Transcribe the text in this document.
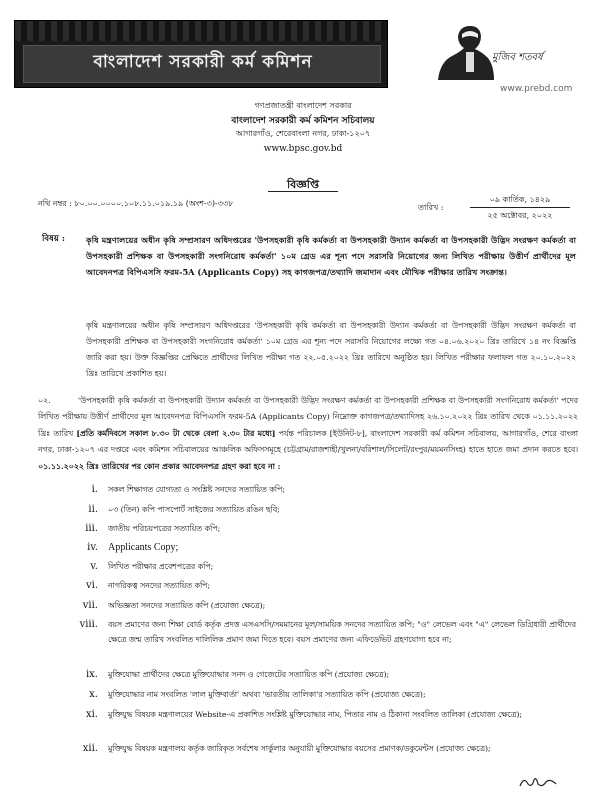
বাংলাদেশ সরকারী কর্ম কমিশন	মুজিব শতবর্ষ
www.prebd.com
গণপ্রজাতন্ত্রী বাংলাদেশ সরকার
বাংলাদেশ সরকারী কর্ম কমিশন সচিবালয়
আগারগাঁও, শেরেবাংলা নগর, ঢাকা-১২০৭
www.bpsc.gov.bd
বিজ্ঞপ্তি
নথি নম্বর : ৮০.০০.০০০০.১০৮.১১.০১৯.১৯ (অংশ-৩)-৩৩৮	তারিখ :
০৯ কার্তিক, ১৪২৯
২৫ অক্টোবর, ২০২২
বিষয় :	কৃষি মন্ত্রণালয়ের অধীন কৃষি সম্প্রসারণ অধিদপ্তরের 'উপসহকারী কৃষি কর্মকর্তা বা উপসহকারী উদ্যান কর্মকর্তা বা উপসহকারী উদ্ভিদ সংরক্ষণ কর্মকর্তা বা উপসহকারী প্রশিক্ষক বা উপসহকারী সংগনিরোধ কর্মকর্তা' ১০ম গ্রেড এর শূন্য পদে সরাসরি নিয়োগের জন্য লিখিত পরীক্ষায় উত্তীর্ণ প্রার্থীদের মূল আবেদনপত্র বিপিএসসি ফরম-5A (Applicants Copy) সহ কাগজপত্র/তথ্যাদি জমাদান এবং মৌখিক পরীক্ষার তারিখ সংক্রান্ত।
কৃষি মন্ত্রণালয়ের অধীন কৃষি সম্প্রসারণ অধিদপ্তরের 'উপসহকারী কৃষি কর্মকর্তা বা উপসহকারী উদ্যান কর্মকর্তা বা উপসহকারী উদ্ভিদ সংরক্ষণ কর্মকর্তা বা উপসহকারী প্রশিক্ষক বা উপসহকারী সংগনিরোধ কর্মকর্তা' ১০ম গ্রেড এর শূন্য পদে সরাসরি নিয়োগের লক্ষ্যে গত ০৪.০৬.২০২০ খ্রিঃ তারিখে ১৪ নং বিজ্ঞপ্তি জারি করা হয়। উক্ত বিজ্ঞপ্তির প্রেক্ষিতে প্রার্থীদের লিখিত পরীক্ষা গত ২২.০৫.২০২২ খ্রিঃ তারিখে অনুষ্ঠিত হয়। লিখিত পরীক্ষার ফলাফল গত ২০.১০.২০২২ খ্রিঃ তারিখে প্রকাশিত হয়।
০২.	'উপসহকারী কৃষি কর্মকর্তা বা উপসহকারী উদ্যান কর্মকর্তা বা উপসহকারী উদ্ভিদ সংরক্ষণ কর্মকর্তা বা উপসহকারী প্রশিক্ষক বা উপসহকারী সংগনিরোধ কর্মকর্তা' পদের লিখিত পরীক্ষায় উত্তীর্ণ প্রার্থীদের মূল আবেদনপত্র বিপিএসসি ফরম-5A (Applicants Copy) নিম্নোক্ত কাগজপত্র/তথ্যাদিসহ ২৬.১০.২০২২ খ্রিঃ তারিখ থেকে ০১.১১.২০২২ খ্রিঃ তারিখ [প্রতি কর্মদিবসে সকাল ৮.৩০ টা থেকে বেলা ২.৩০ টার মধ্যে] পর্যন্ত পরিচালক [ইউনিট-৮], বাংলাদেশ সরকারী কর্ম কমিশন সচিবালয়, আগারগাঁও, শেরে বাংলা নগর, ঢাকা-১২০৭ এর দপ্তরে এবং কমিশন সচিবালয়ের আঞ্চলিক অফিসসমূহে (চট্টগ্রাম/রাজশাহী/খুলনা/বরিশাল/সিলেট/রংপুর/ময়মনসিংহ) হাতে হাতে জমা প্রদান করতে হবে। ০১.১১.২০২২ খ্রিঃ তারিখের পর কোন প্রকার আবেদনপত্র গ্রহণ করা হবে না :
i. সকল শিক্ষাগত যোগ্যতা ও সংশ্লিষ্ট সনদের সত্যায়িত কপি;
ii. ০৩ (তিন) কপি পাসপোর্ট সাইজের সত্যায়িত রঙিন ছবি;
iii. জাতীয় পরিচয়পত্রের সত্যায়িত কপি;
iv. Applicants Copy;
v. লিখিত পরীক্ষার প্রবেশপত্রের কপি;
vi. নাগরিকত্ব সনদের সত্যায়িত কপি;
vii. অভিজ্ঞতা সনদের সত্যায়িত কপি (প্রযোজ্য ক্ষেত্রে);
viii. বয়স প্রমাণের জন্য শিক্ষা বোর্ড কর্তৃক প্রদত্ত এসএসসি/সমমানের মূল/সাময়িক সনদের সত্যায়িত কপি; "ও" লেভেল এবং "এ" লেভেল ডিগ্রিধারী প্রার্থীদের ক্ষেত্রে জন্ম তারিখ সংবলিত দালিলিক প্রমাণ জমা দিতে হবে। বয়স প্রমাণের জন্য এফিডেভিট গ্রহণযোগ্য হবে না;
ix. মুক্তিযোদ্ধা প্রার্থীদের ক্ষেত্রে মুক্তিযোদ্ধার সনদ ও গেজেটের সত্যায়িত কপি (প্রযোজ্য ক্ষেত্রে);
x. মুক্তিযোদ্ধার নাম সংবলিত 'লাল মুক্তিবার্তা' অথবা 'ভারতীয় তালিকা'র সত্যায়িত কপি (প্রযোজ্য ক্ষেত্রে);
xi. মুক্তিযুদ্ধ বিষয়ক মন্ত্রণালয়ের Website-এ প্রকাশিত সংশ্লিষ্ট মুক্তিযোদ্ধার নাম, পিতার নাম ও ঠিকানা সংবলিত তালিকা (প্রযোজ্য ক্ষেত্রে);
xii. মুক্তিযুদ্ধ বিষয়ক মন্ত্রণালয় কর্তৃক জারিকৃত সর্বশেষ সার্কুলার অনুযায়ী মুক্তিযোদ্ধার বয়সের প্রমাণক/ডকুমেন্টস (প্রযোজ্য ক্ষেত্রে);
